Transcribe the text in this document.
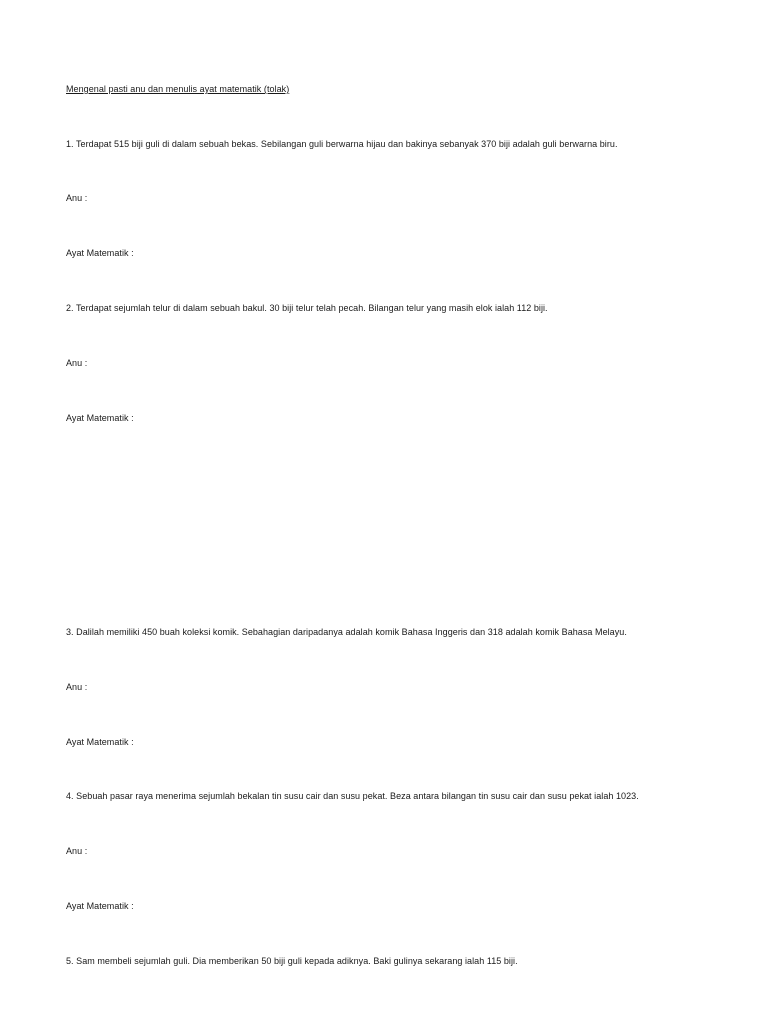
Mengenal pasti anu dan menulis ayat matematik (tolak)
1. Terdapat 515 biji guli di dalam sebuah bekas. Sebilangan guli berwarna hijau dan bakinya sebanyak 370 biji adalah guli berwarna biru.
Anu :
Ayat Matematik :
2. Terdapat sejumlah telur di dalam sebuah bakul. 30 biji telur telah pecah. Bilangan telur yang masih elok ialah 112 biji.
Anu :
Ayat Matematik :
3. Dalilah memiliki 450 buah koleksi komik. Sebahagian daripadanya adalah komik Bahasa Inggeris dan 318 adalah komik Bahasa Melayu.
Anu :
Ayat Matematik :
4. Sebuah pasar raya menerima sejumlah bekalan tin susu cair dan susu pekat. Beza antara bilangan tin susu cair dan susu pekat ialah 1023.
Anu :
Ayat Matematik :
5. Sam membeli sejumlah guli. Dia memberikan 50 biji guli kepada adiknya. Baki gulinya sekarang ialah 115 biji.
